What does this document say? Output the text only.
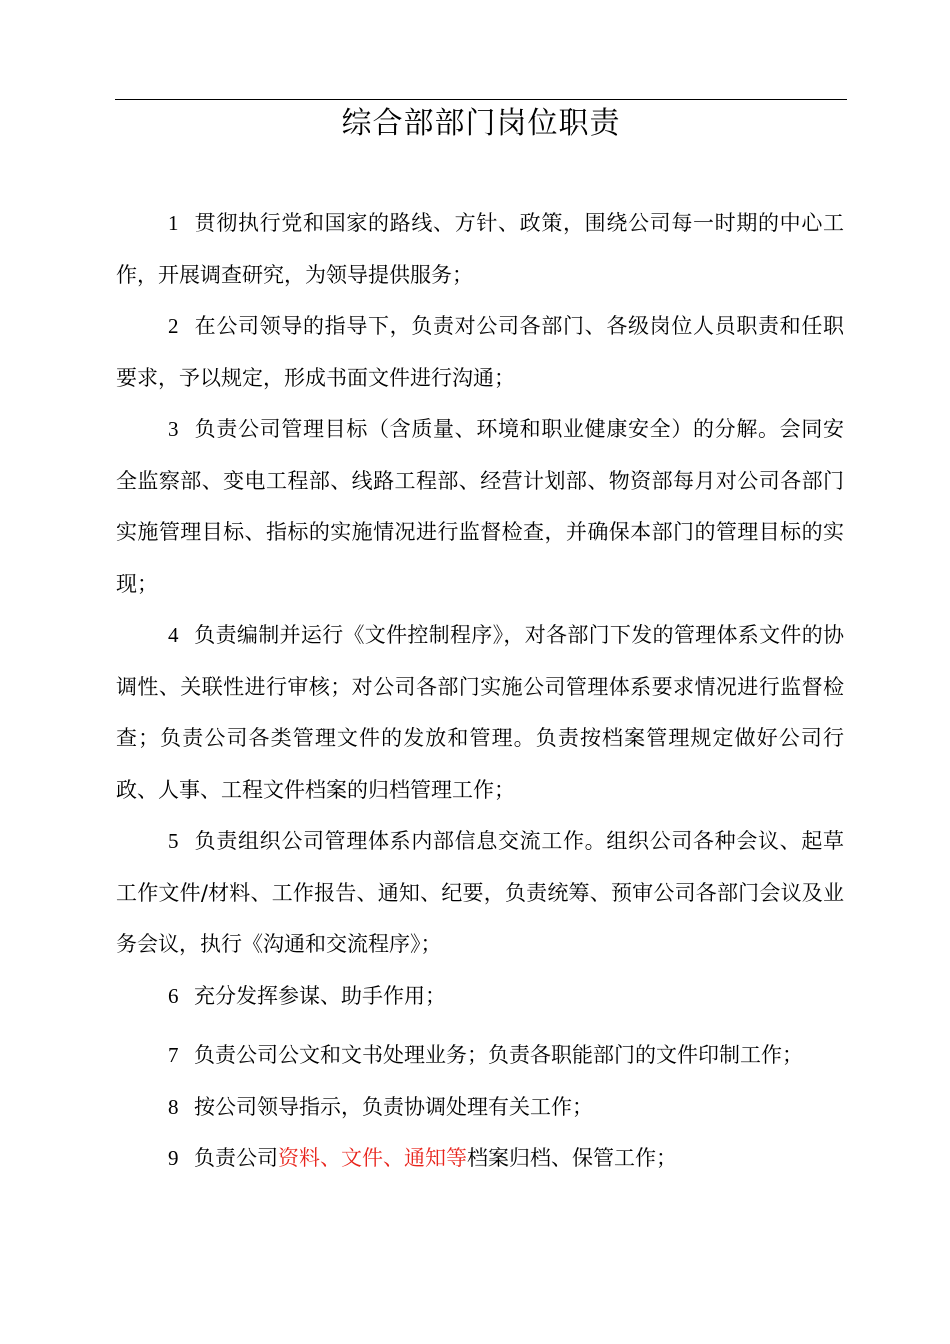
综合部部门岗位职责

1 贯彻执行党和国家的路线、方针、政策，围绕公司每一时期的中心工作，开展调查研究，为领导提供服务；

2 在公司领导的指导下，负责对公司各部门、各级岗位人员职责和任职要求，予以规定，形成书面文件进行沟通；

3 负责公司管理目标（含质量、环境和职业健康安全）的分解。会同安全监察部、变电工程部、线路工程部、经营计划部、物资部每月对公司各部门实施管理目标、指标的实施情况进行监督检查，并确保本部门的管理目标的实现；

4 负责编制并运行《文件控制程序》，对各部门下发的管理体系文件的协调性、关联性进行审核；对公司各部门实施公司管理体系要求情况进行监督检查；负责公司各类管理文件的发放和管理。负责按档案管理规定做好公司行政、人事、工程文件档案的归档管理工作；

5 负责组织公司管理体系内部信息交流工作。组织公司各种会议、起草工作文件/材料、工作报告、通知、纪要，负责统筹、预审公司各部门会议及业务会议，执行《沟通和交流程序》；

6 充分发挥参谋、助手作用；

7 负责公司公文和文书处理业务；负责各职能部门的文件印制工作；

8 按公司领导指示，负责协调处理有关工作；

9 负责公司资料、文件、通知等档案归档、保管工作；
